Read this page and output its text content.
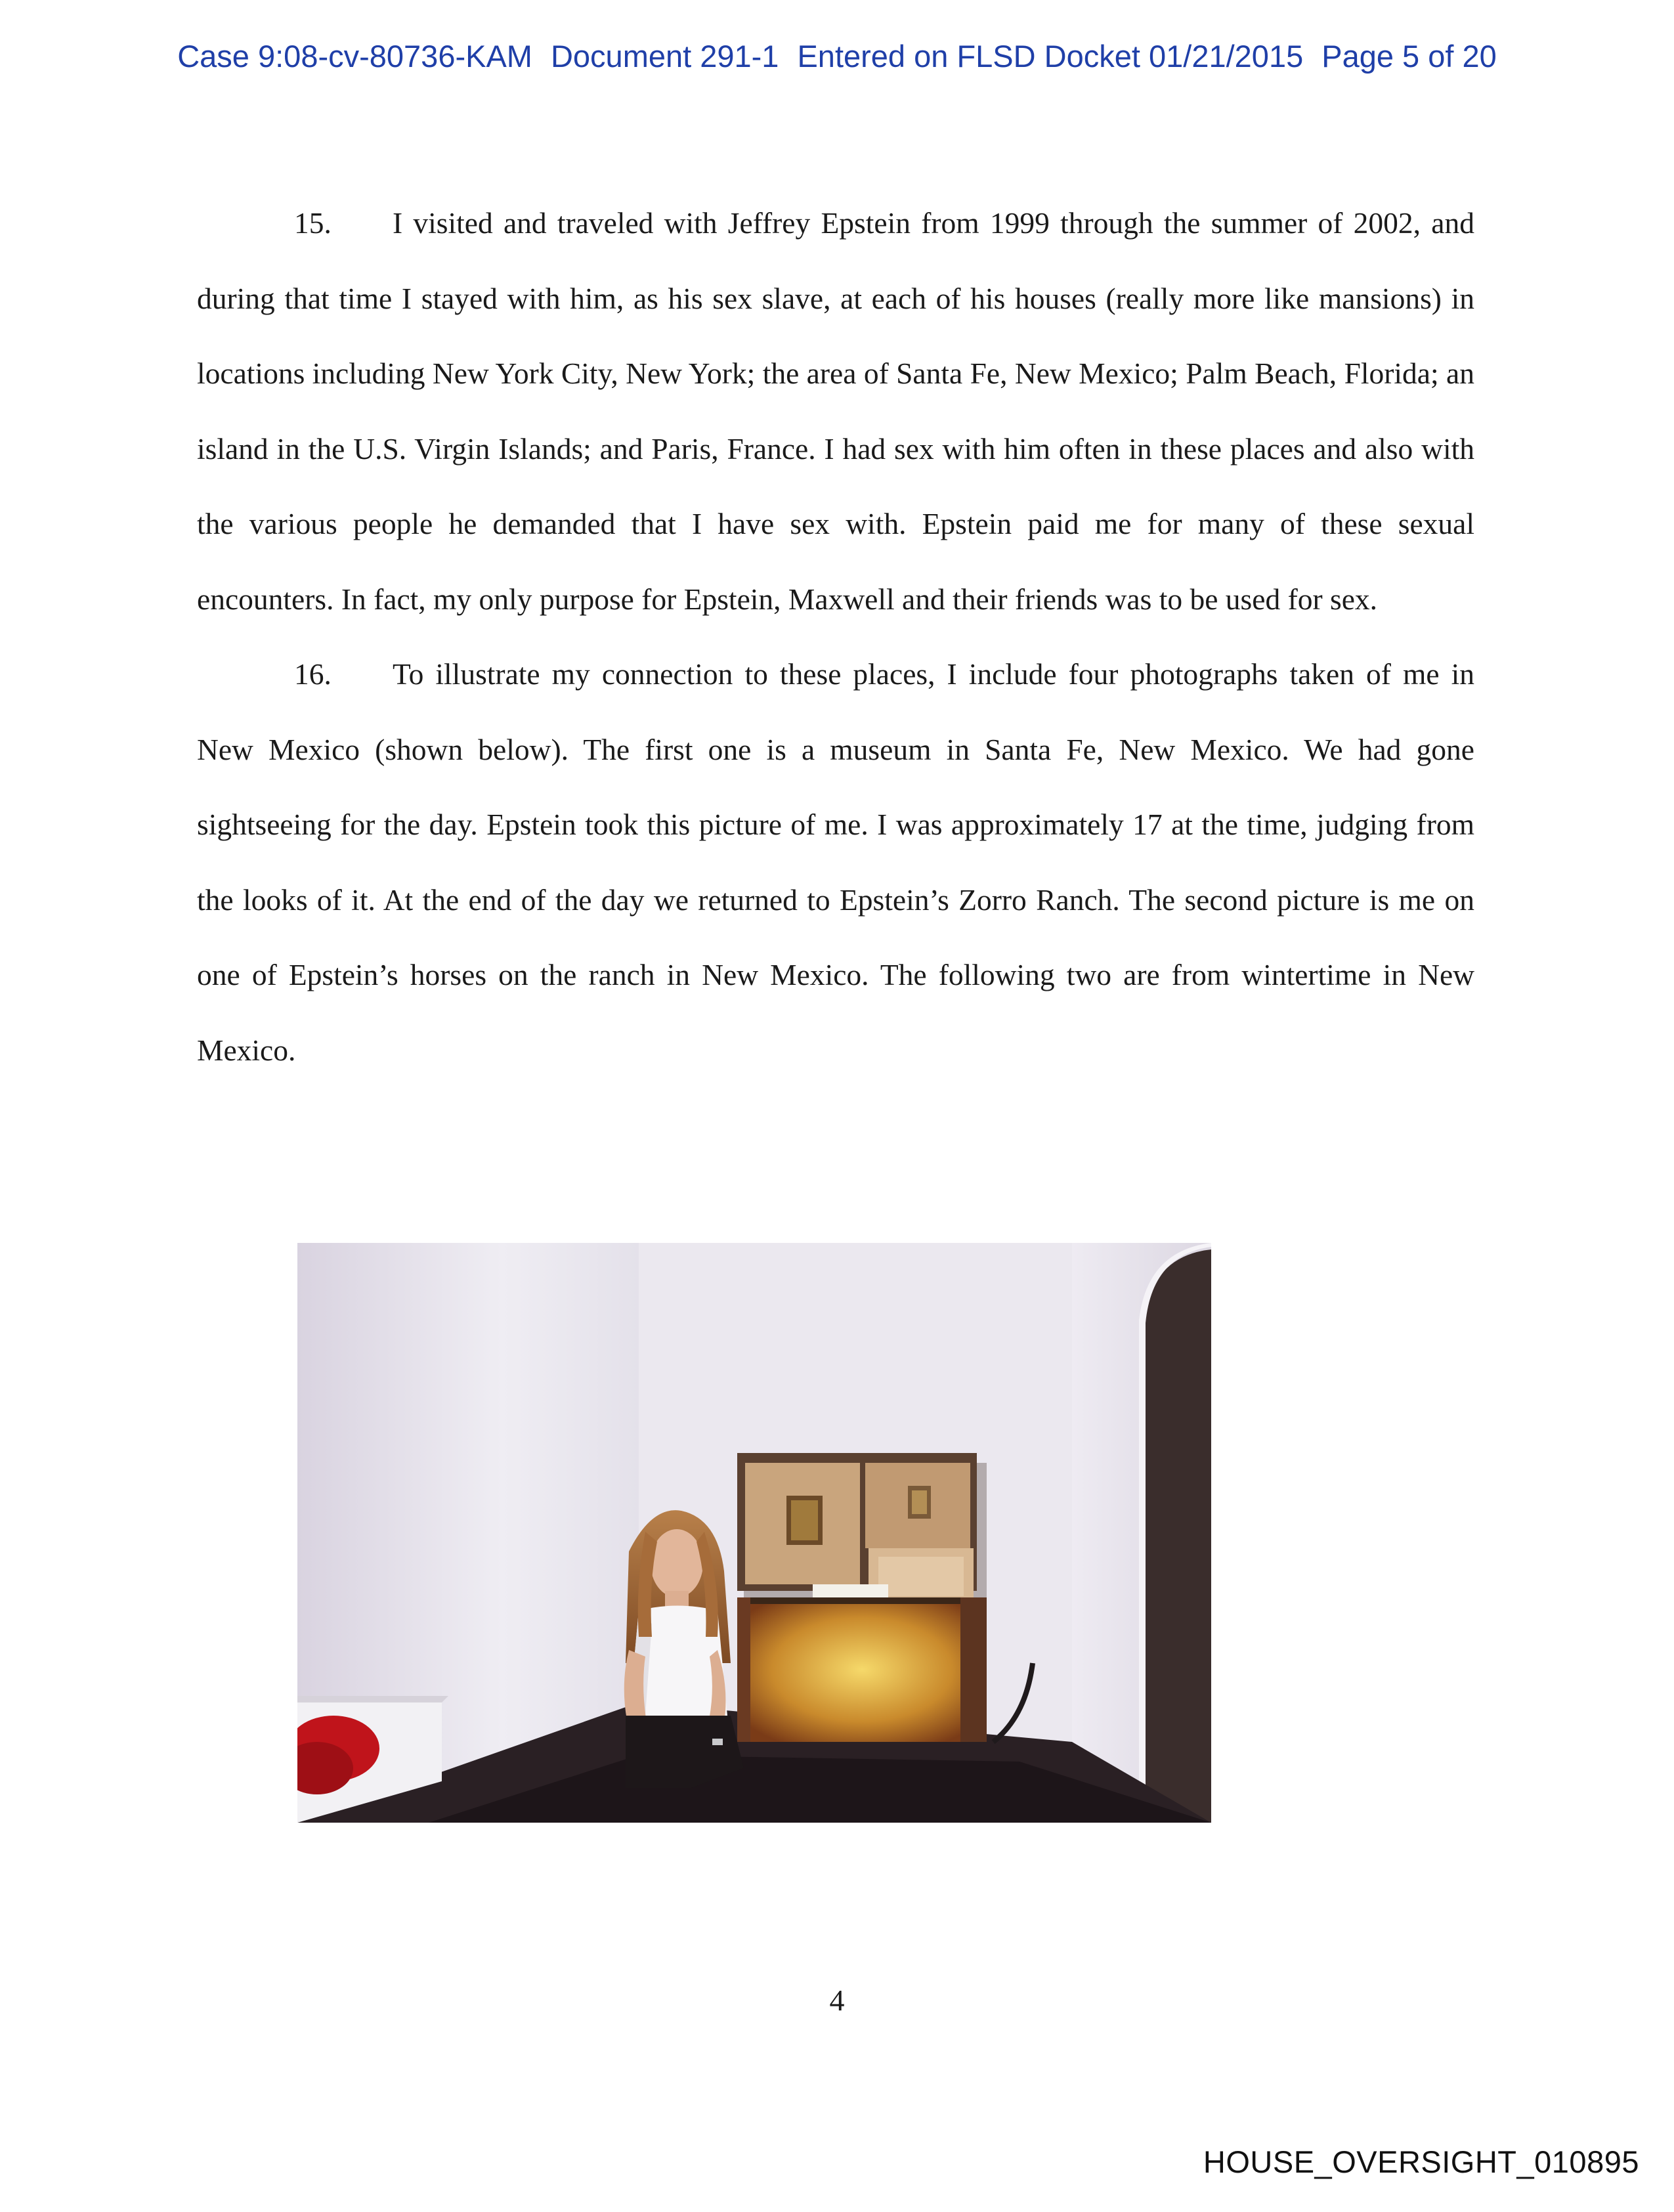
Case 9:08-cv-80736-KAM Document 291-1 Entered on FLSD Docket 01/21/2015 Page 5 of 20

15. I visited and traveled with Jeffrey Epstein from 1999 through the summer of 2002, and during that time I stayed with him, as his sex slave, at each of his houses (really more like mansions) in locations including New York City, New York; the area of Santa Fe, New Mexico; Palm Beach, Florida; an island in the U.S. Virgin Islands; and Paris, France. I had sex with him often in these places and also with the various people he demanded that I have sex with. Epstein paid me for many of these sexual encounters. In fact, my only purpose for Epstein, Maxwell and their friends was to be used for sex.

16. To illustrate my connection to these places, I include four photographs taken of me in New Mexico (shown below). The first one is a museum in Santa Fe, New Mexico. We had gone sightseeing for the day. Epstein took this picture of me. I was approximately 17 at the time, judging from the looks of it. At the end of the day we returned to Epstein’s Zorro Ranch. The second picture is me on one of Epstein’s horses on the ranch in New Mexico. The following two are from wintertime in New Mexico.

4
HOUSE_OVERSIGHT_010895
